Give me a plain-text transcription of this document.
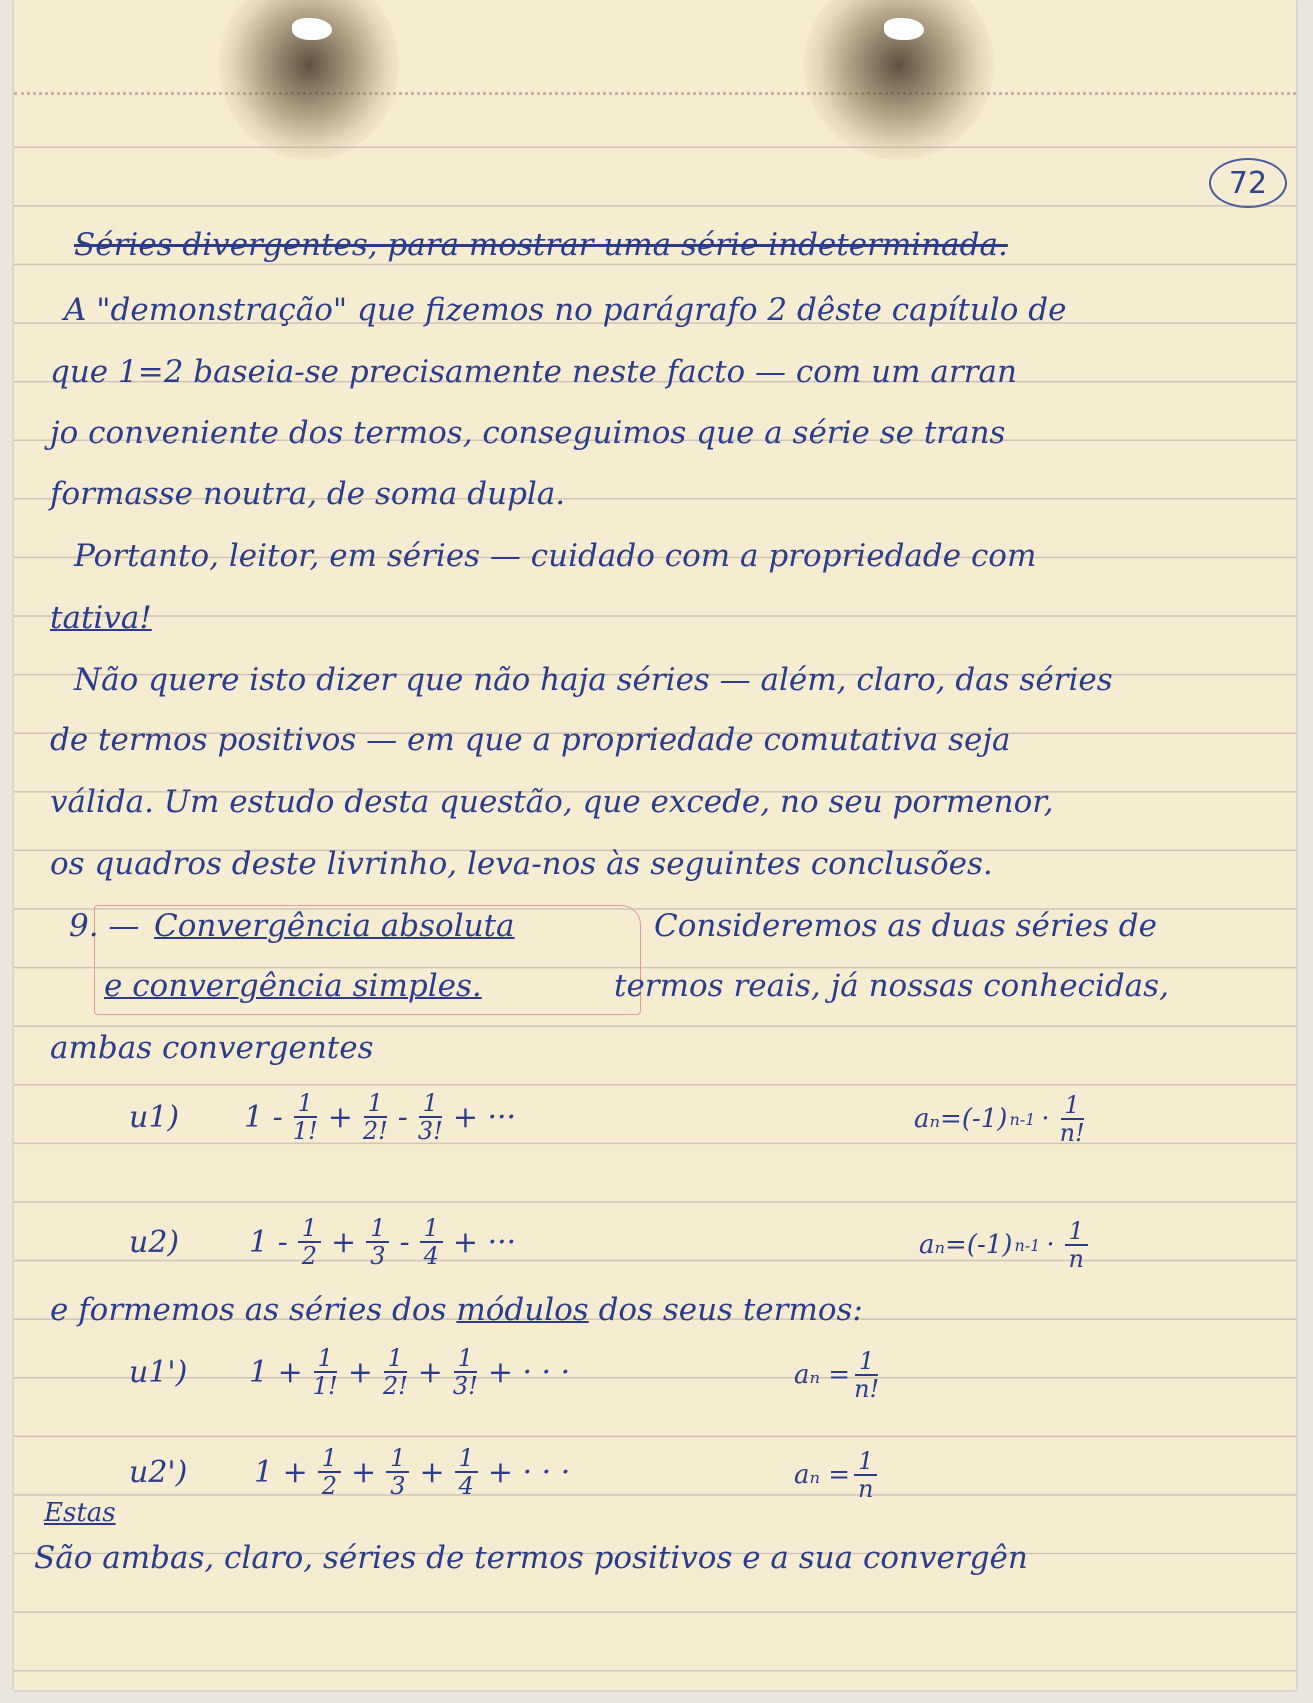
72
Séries divergentes, para mostrar uma série indeterminada.
A "demonstração" que fizemos no parágrafo 2 dêste capítulo de
que 1=2 baseia-se precisamente neste facto — com um arran
jo conveniente dos termos, conseguimos que a série se trans
formasse noutra, de soma dupla.
Portanto, leitor, em séries — cuidado com a propriedade com
tativa!
Não quere isto dizer que não haja séries — além, claro, das séries
de termos positivos — em que a propriedade comutativa seja
válida. Um estudo desta questão, que excede, no seu pormenor,
os quadros deste livrinho, leva-nos às seguintes conclusões.
9. — Convergência absoluta
e convergência simples.
Consideremos as duas séries de
termos reais, já nossas conhecidas,
ambas convergentes
u1) $1 - \frac{1}{1!} + \frac{1}{2!} - \frac{1}{3!}$ + ···	aₙ=(-1) $n-1 \cdot \frac{1}{n!}$
u2) $1 - \frac{1}{2} + \frac{1}{3} - \frac{1}{4}$ + ···	aₙ=(-1) $n-1 \cdot \frac{1}{n}$
e formemos as séries dos módulos dos seus termos:
u1') $1 + \frac{1}{1!} + \frac{1}{2!} + \frac{1}{3!}$ + · · ·	$a_n = \frac{1}{n!}$
u2') $1 + \frac{1}{2} + \frac{1}{3} + \frac{1}{4}$ + · · ·	$a_n = \frac{1}{n}$
Estas
São ambas, claro, séries de termos positivos e a sua convergên
